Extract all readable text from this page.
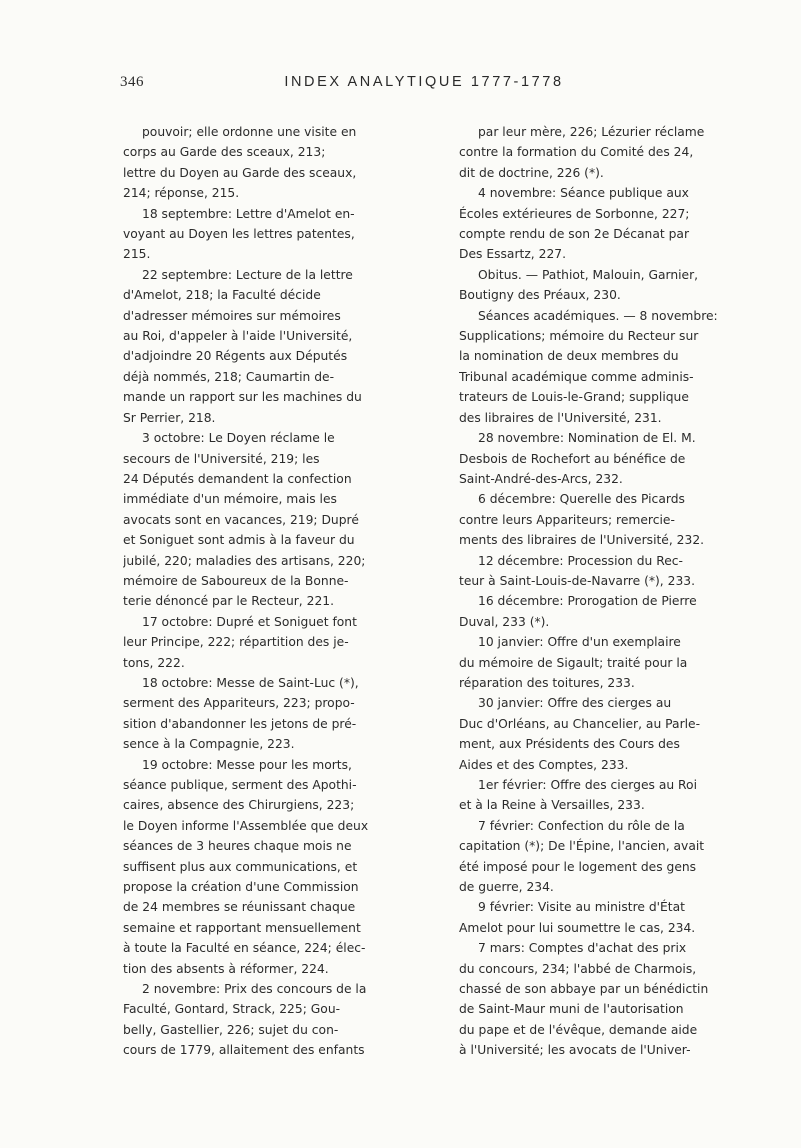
346	INDEX ANALYTIQUE 1777-1778
pouvoir; elle ordonne une visite en
corps au Garde des sceaux, 213;
lettre du Doyen au Garde des sceaux,
214; réponse, 215.
18 septembre: Lettre d'Amelot en-
voyant au Doyen les lettres patentes,
215.
22 septembre: Lecture de la lettre
d'Amelot, 218; la Faculté décide
d'adresser mémoires sur mémoires
au Roi, d'appeler à l'aide l'Université,
d'adjoindre 20 Régents aux Députés
déjà nommés, 218; Caumartin de-
mande un rapport sur les machines du
Sr Perrier, 218.
3 octobre: Le Doyen réclame le
secours de l'Université, 219; les
24 Députés demandent la confection
immédiate d'un mémoire, mais les
avocats sont en vacances, 219; Dupré
et Soniguet sont admis à la faveur du
jubilé, 220; maladies des artisans, 220;
mémoire de Saboureux de la Bonne-
terie dénoncé par le Recteur, 221.
17 octobre: Dupré et Soniguet font
leur Principe, 222; répartition des je-
tons, 222.
18 octobre: Messe de Saint-Luc (*),
serment des Appariteurs, 223; propo-
sition d'abandonner les jetons de pré-
sence à la Compagnie, 223.
19 octobre: Messe pour les morts,
séance publique, serment des Apothi-
caires, absence des Chirurgiens, 223;
le Doyen informe l'Assemblée que deux
séances de 3 heures chaque mois ne
suffisent plus aux communications, et
propose la création d'une Commission
de 24 membres se réunissant chaque
semaine et rapportant mensuellement
à toute la Faculté en séance, 224; élec-
tion des absents à réformer, 224.
2 novembre: Prix des concours de la
Faculté, Gontard, Strack, 225; Gou-
belly, Gastellier, 226; sujet du con-
cours de 1779, allaitement des enfants
par leur mère, 226; Lézurier réclame
contre la formation du Comité des 24,
dit de doctrine, 226 (*).
4 novembre: Séance publique aux
Écoles extérieures de Sorbonne, 227;
compte rendu de son 2e Décanat par
Des Essartz, 227.
Obitus. — Pathiot, Malouin, Garnier,
Boutigny des Préaux, 230.
Séances académiques. — 8 novembre:
Supplications; mémoire du Recteur sur
la nomination de deux membres du
Tribunal académique comme adminis-
trateurs de Louis-le-Grand; supplique
des libraires de l'Université, 231.
28 novembre: Nomination de El. M.
Desbois de Rochefort au bénéfice de
Saint-André-des-Arcs, 232.
6 décembre: Querelle des Picards
contre leurs Appariteurs; remercie-
ments des libraires de l'Université, 232.
12 décembre: Procession du Rec-
teur à Saint-Louis-de-Navarre (*), 233.
16 décembre: Prorogation de Pierre
Duval, 233 (*).
10 janvier: Offre d'un exemplaire
du mémoire de Sigault; traité pour la
réparation des toitures, 233.
30 janvier: Offre des cierges au
Duc d'Orléans, au Chancelier, au Parle-
ment, aux Présidents des Cours des
Aides et des Comptes, 233.
1er février: Offre des cierges au Roi
et à la Reine à Versailles, 233.
7 février: Confection du rôle de la
capitation (*); De l'Épine, l'ancien, avait
été imposé pour le logement des gens
de guerre, 234.
9 février: Visite au ministre d'État
Amelot pour lui soumettre le cas, 234.
7 mars: Comptes d'achat des prix
du concours, 234; l'abbé de Charmois,
chassé de son abbaye par un bénédictin
de Saint-Maur muni de l'autorisation
du pape et de l'évêque, demande aide
à l'Université; les avocats de l'Univer-
